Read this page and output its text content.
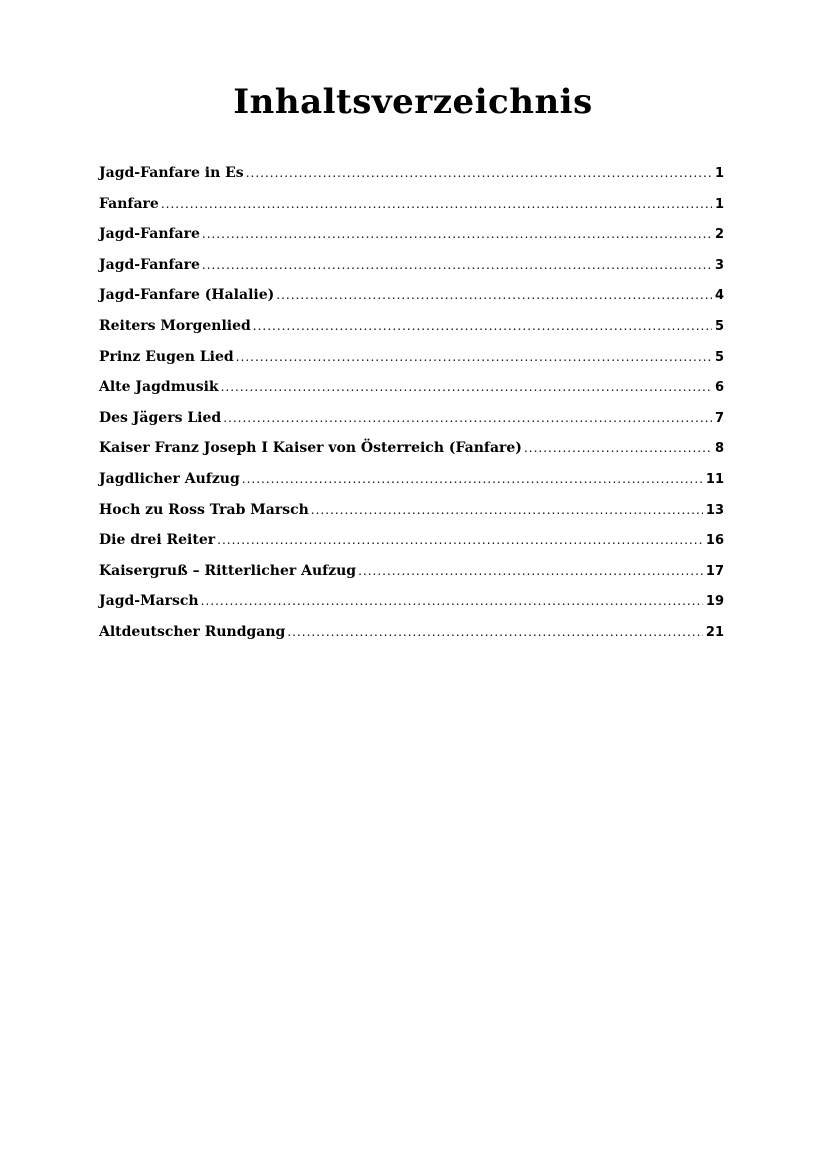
Inhaltsverzeichnis
Jagd-Fanfare in Es .....	1
Fanfare .....	1
Jagd-Fanfare .....	2
Jagd-Fanfare .....	3
Jagd-Fanfare (Halalie) .....	4
Reiters Morgenlied .....	5
Prinz Eugen Lied .....	5
Alte Jagdmusik .....	6
Des Jägers Lied .....	7
Kaiser Franz Joseph I Kaiser von Österreich (Fanfare) .....	8
Jagdlicher Aufzug .....	11
Hoch zu Ross Trab Marsch .....	13
Die drei Reiter .....	16
Kaisergruß – Ritterlicher Aufzug .....	17
Jagd-Marsch .....	19
Altdeutscher Rundgang .....	21
